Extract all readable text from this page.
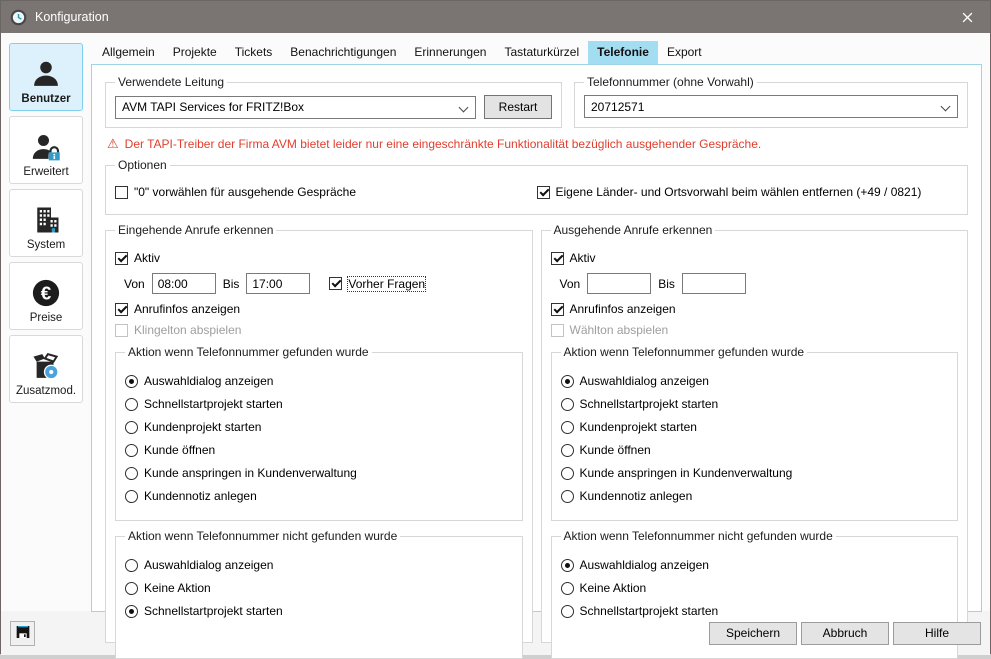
Konfiguration
Benutzer
Erweitert
System
€
Preise
Zusatzmod.
Allgemein	Projekte	Tickets	Benachrichtigungen	Erinnerungen	Tastaturkürzel	Telefonie	Export
Verwendete Leitung
AVM TAPI Services for FRITZ!Box	Restart
Telefonnummer (ohne Vorwahl)
20712571
⚠ Der TAPI-Treiber der Firma AVM bietet leider nur eine eingeschränkte Funktionalität bezüglich ausgehender Gespräche.
Optionen
"0" vorwählen für ausgehende Gespräche	Eigene Länder- und Ortsvorwahl beim wählen entfernen (+49 / 0821)
Eingehende Anrufe erkennen
Aktiv
Von
08:00	Bis
17:00	Vorher Fragen
Anrufinfos anzeigen
Klingelton abspielen
Aktion wenn Telefonnummer gefunden wurde
Auswahldialog anzeigen
Schnellstartprojekt starten
Kundenprojekt starten
Kunde öffnen
Kunde anspringen in Kundenverwaltung
Kundennotiz anlegen
Aktion wenn Telefonnummer nicht gefunden wurde
Auswahldialog anzeigen
Keine Aktion
Schnellstartprojekt starten
Ausgehende Anrufe erkennen
Aktiv
Von	Bis
Anrufinfos anzeigen
Wählton abspielen
Aktion wenn Telefonnummer gefunden wurde
Auswahldialog anzeigen
Schnellstartprojekt starten
Kundenprojekt starten
Kunde öffnen
Kunde anspringen in Kundenverwaltung
Kundennotiz anlegen
Aktion wenn Telefonnummer nicht gefunden wurde
Auswahldialog anzeigen
Keine Aktion
Schnellstartprojekt starten
Speichern	Abbruch	Hilfe
